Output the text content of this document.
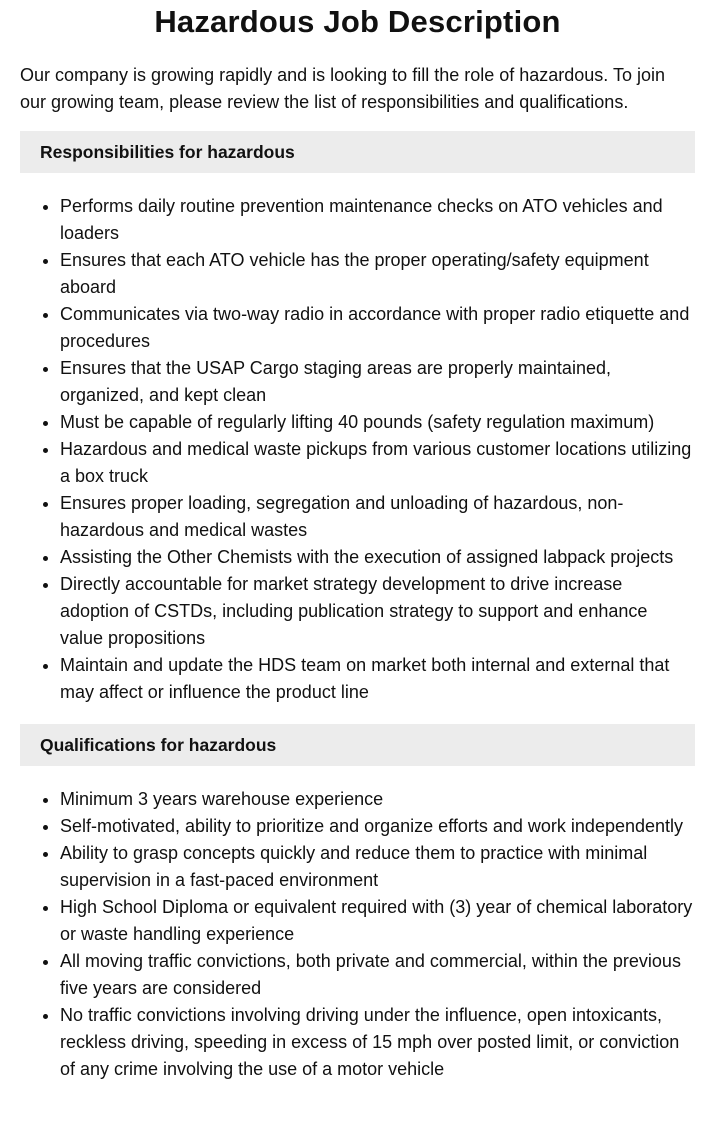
Hazardous Job Description

Our company is growing rapidly and is looking to fill the role of hazardous. To join our growing team, please review the list of responsibilities and qualifications.

Responsibilities for hazardous
• Performs daily routine prevention maintenance checks on ATO vehicles and loaders
• Ensures that each ATO vehicle has the proper operating/safety equipment aboard
• Communicates via two-way radio in accordance with proper radio etiquette and procedures
• Ensures that the USAP Cargo staging areas are properly maintained, organized, and kept clean
• Must be capable of regularly lifting 40 pounds (safety regulation maximum)
• Hazardous and medical waste pickups from various customer locations utilizing a box truck
• Ensures proper loading, segregation and unloading of hazardous, non-hazardous and medical wastes
• Assisting the Other Chemists with the execution of assigned labpack projects
• Directly accountable for market strategy development to drive increase adoption of CSTDs, including publication strategy to support and enhance value propositions
• Maintain and update the HDS team on market both internal and external that may affect or influence the product line
Qualifications for hazardous
• Minimum 3 years warehouse experience
• Self-motivated, ability to prioritize and organize efforts and work independently
• Ability to grasp concepts quickly and reduce them to practice with minimal supervision in a fast-paced environment
• High School Diploma or equivalent required with (3) year of chemical laboratory or waste handling experience
• All moving traffic convictions, both private and commercial, within the previous five years are considered
• No traffic convictions involving driving under the influence, open intoxicants, reckless driving, speeding in excess of 15 mph over posted limit, or conviction of any crime involving the use of a motor vehicle
